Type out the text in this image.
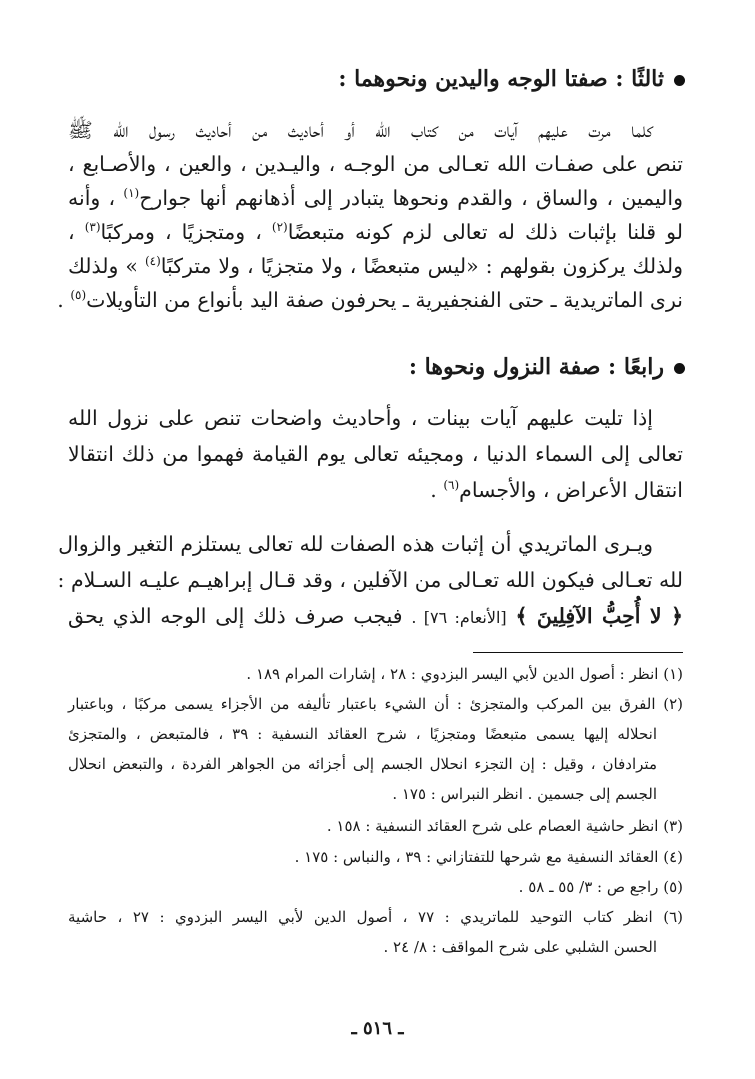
ثالثًا : صفتا الوجه واليدين ونحوهما :
كلما مرت عليهم آيات من كتاب الله أو أحاديث من أحاديث رسول الله ﷺ
تنص على صفـات الله تعـالى من الوجـه ، واليـدين ، والعين ، والأصـابع ،
واليمين ، والساق ، والقدم ونحوها يتبادر إلى أذهانهم أنها جوارح$^{(١)}$ ، وأنه
لو قلنا بإثبات ذلك له تعالى لزم كونه متبعضًا$^{(٢)}$ ، ومتجزيًا ، ومركبًا$^{(٣)}$ ،
ولذلك يركزون بقولهم : «ليس متبعضًا ، ولا متجزيًا ، ولا متركبًا$^{(٤)}$ » ولذلك
نرى الماتريدية ـ حتى الفنجفيرية ـ يحرفون صفة اليد بأنواع من التأويلات$^{(٥)}$ .
رابعًا : صفة النزول ونحوها :
إذا تليت عليهم آيات بينات ، وأحاديث واضحات تنص على نزول الله
تعالى إلى السماء الدنيا ، ومجيئه تعالى يوم القيامة فهموا من ذلك انتقالا
انتقال الأعراض ، والأجسام$^{(٦)}$ .
ويـرى الماتريدي أن إثبات هذه الصفات لله تعالى يستلزم التغير والزوال
لله تعـالى فيكون الله تعـالى من الآفلين ، وقد قـال إبراهيـم عليـه السـلام :
﴿ لا أُحِبُّ الآفِلِينَ ﴾ [الأنعام: ٧٦] . فيجب صرف ذلك إلى الوجه الذي يحق
(١) انظر : أصول الدين لأبي اليسر البزدوي : ٢٨ ، إشارات المرام ١٨٩ .
(٢) الفرق بين المركب والمتجزئ : أن الشيء باعتبار تأليفه من الأجزاء يسمى مركبًا ، وباعتبار
انحلاله إليها يسمى متبعضًا ومتجزيًا ، شرح العقائد النسفية : ٣٩ ، فالمتبعض ، والمتجزئ
مترادفان ، وقيل : إن التجزء انحلال الجسم إلى أجزائه من الجواهر الفردة ، والتبعض انحلال
الجسم إلى جسمين . انظر النبراس : ١٧٥ .
(٣) انظر حاشية العصام على شرح العقائد النسفية : ١٥٨ .
(٤) العقائد النسفية مع شرحها للتفتازاني : ٣٩ ، والنباس : ١٧٥ .
(٥) راجع ص : ٣/ ٥٥ ـ ٥٨ .
(٦) انظر كتاب التوحيد للماتريدي : ٧٧ ، أصول الدين لأبي اليسر البزدوي : ٢٧ ، حاشية
الحسن الشلبي على شرح المواقف : ٨/ ٢٤ .
ـ ٥١٦ ـ
